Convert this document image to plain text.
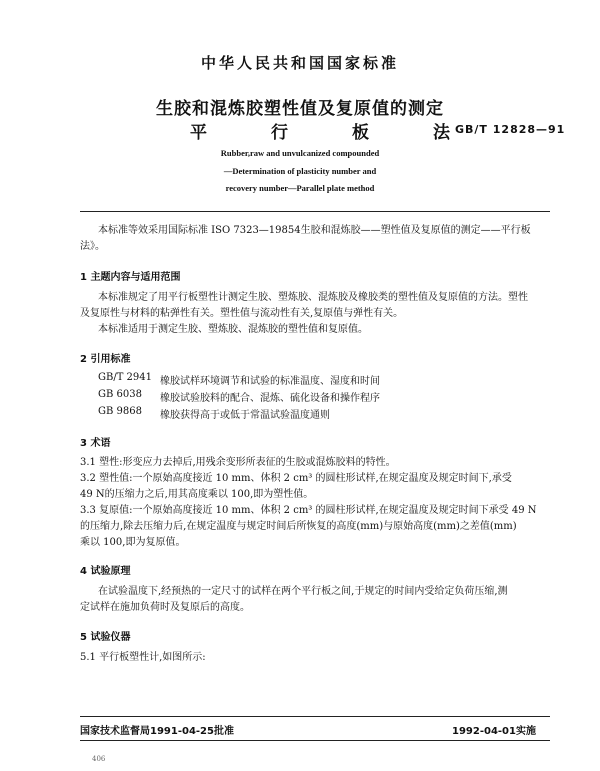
中华人民共和国国家标准
生胶和混炼胶塑性值及复原值的测定
平	行	板	法 GB/T 12828—91
Rubber,raw and unvulcanized compounded
—Determination of plasticity number and
recovery number—Parallel plate method
本标准等效采用国际标准 ISO 7323—19854生胶和混炼胶——塑性值及复原值的测定——平行板
法》。
1 主题内容与适用范围
本标准规定了用平行板塑性计测定生胶、塑炼胶、混炼胶及橡胶类的塑性值及复原值的方法。塑性
及复原性与材料的粘弹性有关。塑性值与流动性有关,复原值与弹性有关。
本标准适用于测定生胶、塑炼胶、混炼胶的塑性值和复原值。
2 引用标准
GB/T 2941 橡胶试样环境调节和试验的标准温度、湿度和时间
GB 6038 橡胶试验胶料的配合、混炼、硫化设备和操作程序
GB 9868 橡胶获得高于或低于常温试验温度通则
3 术语
3.1 塑性:形变应力去掉后,用残余变形所表征的生胶或混炼胶料的特性。
3.2 塑性值:一个原始高度接近 10 mm、体积 2 cm³ 的圆柱形试样,在规定温度及规定时间下,承受
49 N的压缩力之后,用其高度乘以 100,即为塑性值。
3.3 复原值:一个原始高度接近 10 mm、体积 2 cm³ 的圆柱形试样,在规定温度及规定时间下承受 49 N
的压缩力,除去压缩力后,在规定温度与规定时间后所恢复的高度(mm)与原始高度(mm)之差值(mm)
乘以 100,即为复原值。
4 试验原理
在试验温度下,经预热的一定尺寸的试样在两个平行板之间,于规定的时间内受给定负荷压缩,测
定试样在施加负荷时及复原后的高度。
5 试验仪器
5.1 平行板塑性计,如图所示:
国家技术监督局1991-04-25批准	1992-04-01实施
406
